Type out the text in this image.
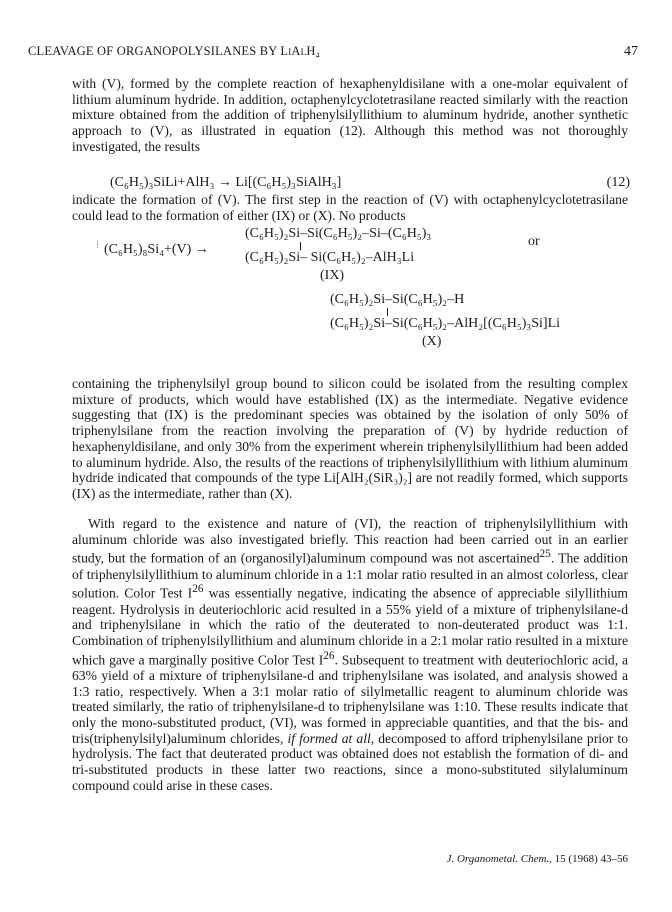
CLEAVAGE OF ORGANOPOLYSILANES BY LiAlH₄	47

with (V), formed by the complete reaction of hexaphenyldisilane with a one-molar equivalent of lithium aluminum hydride. In addition, octaphenylcyclotetrasilane reacted similarly with the reaction mixture obtained from the addition of triphenylsilyllithium to aluminum hydride, another synthetic approach to (V), as illustrated in equation (12). Although this method was not thoroughly investigated, the results

(C₆H₅)₃SiLi+AlH₃ → Li[(C₆H₅)₃SiAlH₃]	(12)

indicate the formation of (V). The first step in the reaction of (V) with octaphenylcyclotetrasilane could lead to the formation of either (IX) or (X). No products

⁝ (C₆H₅)₈Si₄+(V) →
(C₆H₅)₂Si–Si(C₆H₅)₂–Si–(C₆H₅)₃
(C₆H₅)₂Si– Si(C₆H₅)₂–AlH₃Li
(IX)
or
(C₆H₅)₂Si–Si(C₆H₅)₂–H
(C₆H₅)₂Si–Si(C₆H₅)₂–AlH₂[(C₆H₅)₃Si]Li
(X)

containing the triphenylsilyl group bound to silicon could be isolated from the resulting complex mixture of products, which would have established (IX) as the intermediate. Negative evidence suggesting that (IX) is the predominant species was obtained by the isolation of only 50% of triphenylsilane from the reaction involving the preparation of (V) by hydride reduction of hexaphenyldisilane, and only 30% from the experiment wherein triphenylsilyllithium had been added to aluminum hydride. Also, the results of the reactions of triphenylsilyllithium with lithium aluminum hydride indicated that compounds of the type Li[AlH₂(SiR₃)₂] are not readily formed, which supports (IX) as the intermediate, rather than (X).

With regard to the existence and nature of (VI), the reaction of triphenylsilyllithium with aluminum chloride was also investigated briefly. This reaction had been carried out in an earlier study, but the formation of an (organosilyl)aluminum compound was not ascertained$^{25}$. The addition of triphenylsilyllithium to aluminum chloride in a 1:1 molar ratio resulted in an almost colorless, clear solution. Color Test $I^{26}$ was essentially negative, indicating the absence of appreciable silyllithium reagent. Hydrolysis in deuteriochloric acid resulted in a 55% yield of a mixture of triphenylsilane-d and triphenylsilane in which the ratio of the deuterated to non-deuterated product was 1:1. Combination of triphenylsilyllithium and aluminum chloride in a 2:1 molar ratio resulted in a mixture which gave a marginally positive Color Test $I^{26}$. Subsequent to treatment with deuteriochloric acid, a 63% yield of a mixture of triphenylsilane-d and triphenylsilane was isolated, and analysis showed a 1:3 ratio, respectively. When a 3:1 molar ratio of silylmetallic reagent to aluminum chloride was treated similarly, the ratio of triphenylsilane-d to triphenylsilane was 1:10. These results indicate that only the mono-substituted product, (VI), was formed in appreciable quantities, and that the bis- and tris(triphenylsilyl)aluminum chlorides, if formed at all, decomposed to afford triphenylsilane prior to hydrolysis. The fact that deuterated product was obtained does not establish the formation of di- and tri-substituted products in these latter two reactions, since a mono-substituted silylaluminum compound could arise in these cases.

J. Organometal. Chem., 15 (1968) 43–56
